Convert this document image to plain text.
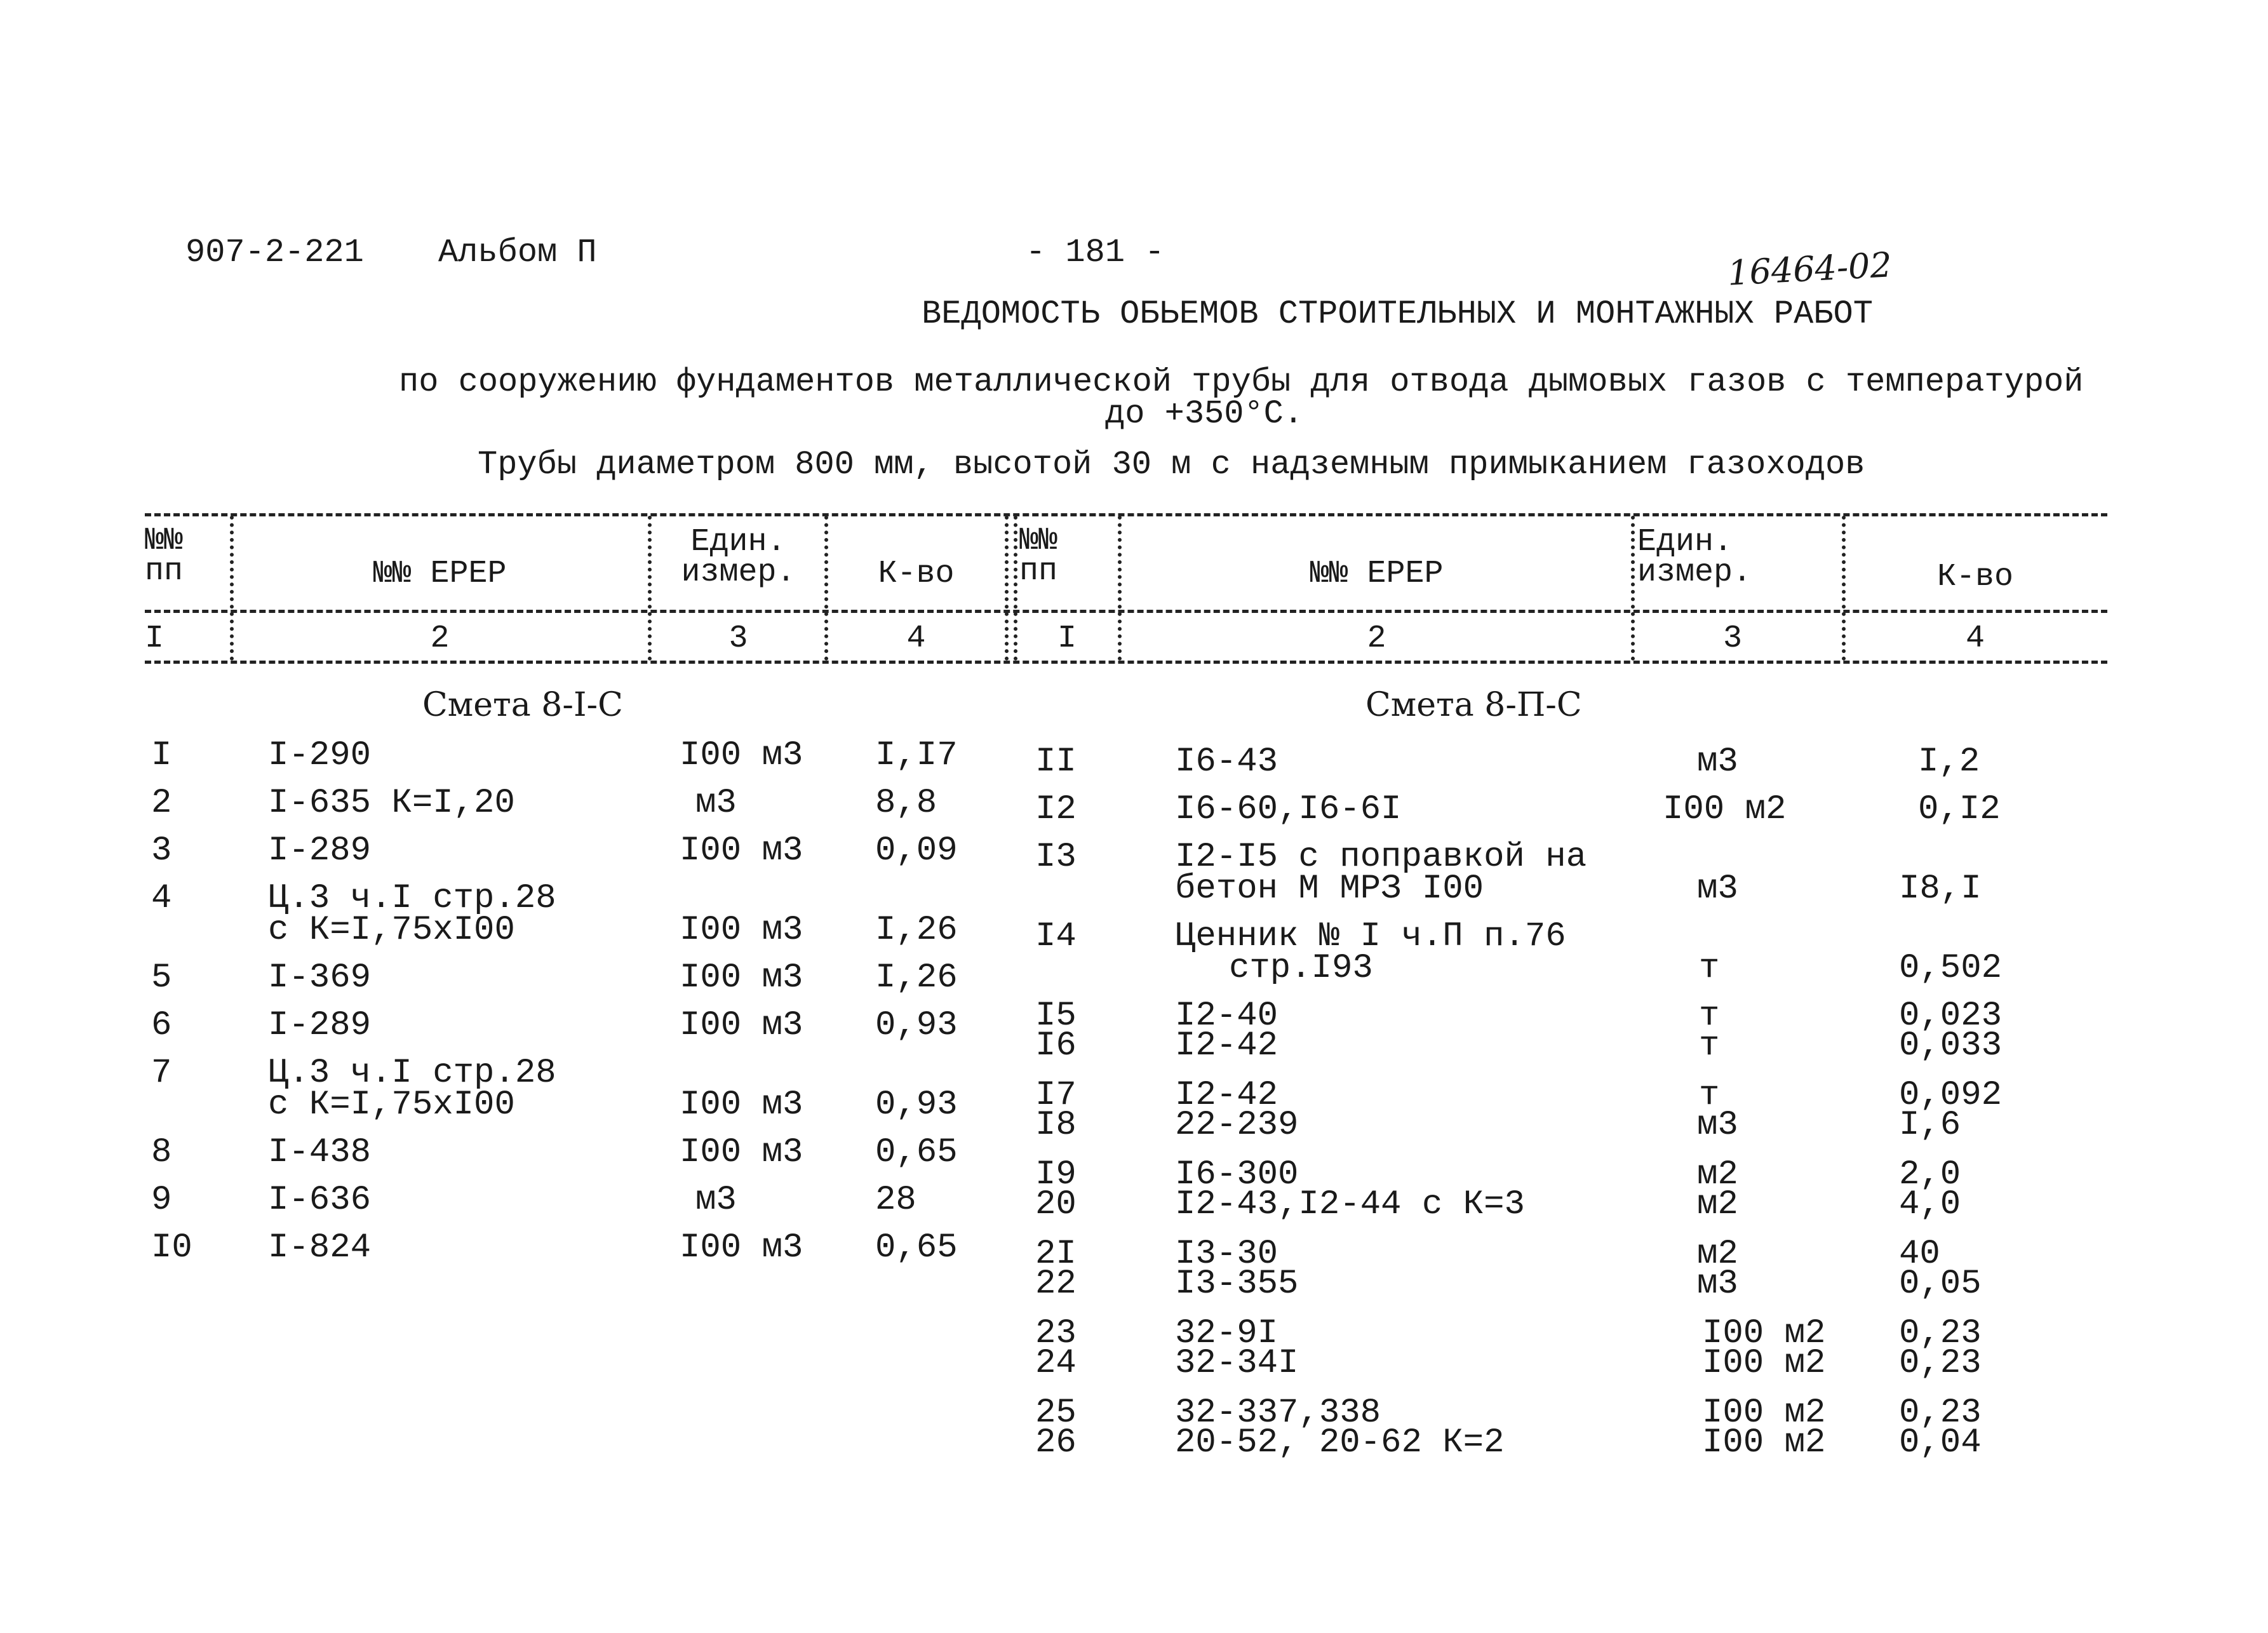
907-2-221 Альбом П	- 181 -	16464-02
ВЕДОМОСТЬ ОБЬЕМОВ СТРОИТЕЛЬНЫХ И МОНТАЖНЫХ РАБОТ
по сооружению фундаментов металлической трубы для отвода дымовых газов с температурой
до +350°С.
Трубы диаметром 800 мм, высотой 30 м с надземным примыканием газоходов
№№ пп	№№ ЕРЕР
Един. измер.	К-во
№№ пп	№№ ЕРЕР
Един. измер.	К-во
I	2	3	4	I	2	3	4
Смета 8-I-С	Смета 8-П-С
I	I-290	I00 м3 I,I7
2	I-635 К=I,20	м3	8,8
3	I-289	I00 м3 0,09
4	Ц.3 ч.I стр.28
с К=I,75хI00	I00 м3 I,26
5	I-369	I00 м3 I,26
6	I-289	I00 м3 0,93
7	Ц.3 ч.I стр.28
с К=I,75хI00	I00 м3 0,93
8	I-438	I00 м3 0,65
9	I-636	м3	28
I0 I-824	I00 м3 0,65
II	I6-43	м3	I,2
I2	I6-60,I6-6I	I00 м2	0,I2
I3	I2-I5 с поправкой на
бетон М МРЗ I00	м3	I8,I
I4	Ценник № I ч.П п.76
стр.I93	т	0,502
I5	I2-40	т	0,023
I6	I2-42	т	0,033
I7	I2-42	т	0,092
I8	22-239	м3	I,6
I9	I6-300	м2	2,0
20	I2-43,I2-44 с К=3	м2	4,0
2I	I3-30	м2	40
22	I3-355	м3	0,05
23	32-9I	I00 м2 0,23
24	32-34I	I00 м2 0,23
25	32-337,338	I00 м2 0,23
26	20-52, 20-62 К=2	I00 м2 0,04
